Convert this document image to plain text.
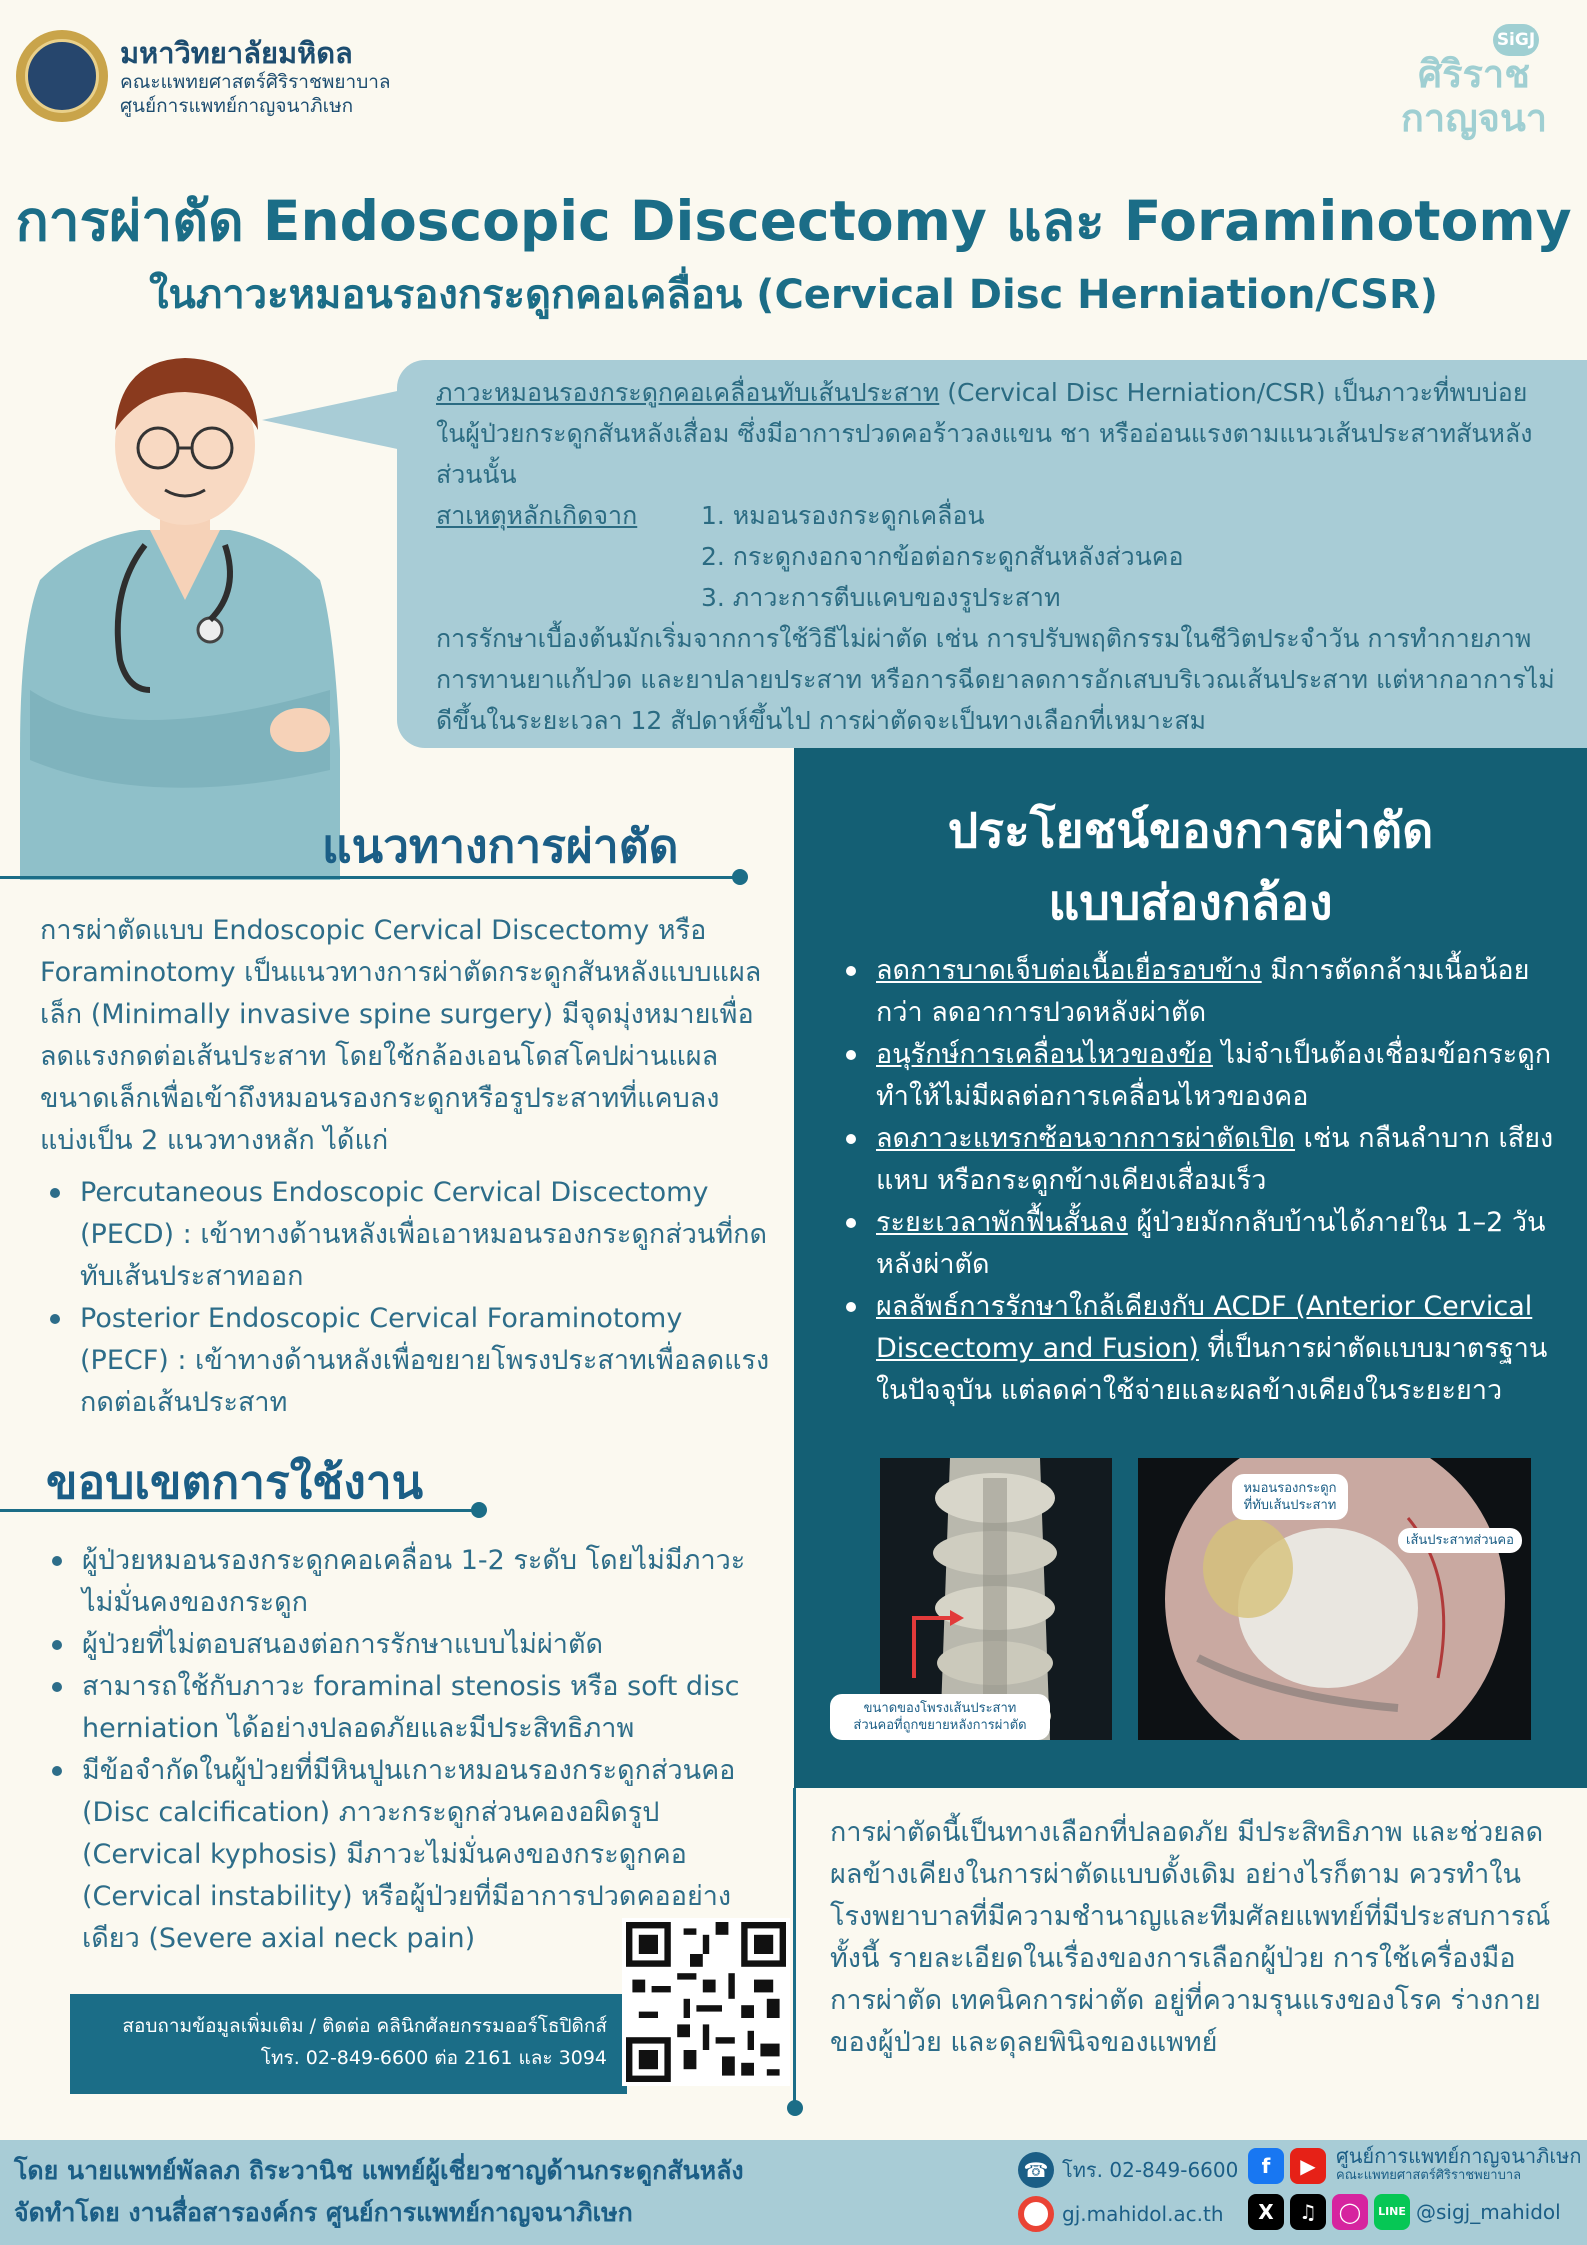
มหาวิทยาลัยมหิดล
คณะแพทยศาสตร์ศิริราชพยาบาล
ศูนย์การแพทย์กาญจนาภิเษก
SiGJ
ศิริราช
กาญจนา
การผ่าตัด Endoscopic Discectomy และ Foraminotomy
ในภาวะหมอนรองกระดูกคอเคลื่อน (Cervical Disc Herniation/CSR)
ภาวะหมอนรองกระดูกคอเคลื่อนทับเส้นประสาท (Cervical Disc Herniation/CSR) เป็นภาวะที่พบบ่อยในผู้ป่วยกระดูกสันหลังเสื่อม ซึ่งมีอาการปวดคอร้าวลงแขน ชา หรืออ่อนแรงตามแนวเส้นประสาทสันหลังส่วนนั้น
สาเหตุหลักเกิดจาก	1. หมอนรองกระดูกเคลื่อน
2. กระดูกงอกจากข้อต่อกระดูกสันหลังส่วนคอ
3. ภาวะการตีบแคบของรูประสาท
การรักษาเบื้องต้นมักเริ่มจากการใช้วิธีไม่ผ่าตัด เช่น การปรับพฤติกรรมในชีวิตประจำวัน การทำกายภาพ การทานยาแก้ปวด และยาปลายประสาท หรือการฉีดยาลดการอักเสบบริเวณเส้นประสาท แต่หากอาการไม่ดีขึ้นในระยะเวลา 12 สัปดาห์ขึ้นไป การผ่าตัดจะเป็นทางเลือกที่เหมาะสม
แนวทางการผ่าตัด
การผ่าตัดแบบ Endoscopic Cervical Discectomy หรือ Foraminotomy เป็นแนวทางการผ่าตัดกระดูกสันหลังแบบแผลเล็ก (Minimally invasive spine surgery) มีจุดมุ่งหมายเพื่อลดแรงกดต่อเส้นประสาท โดยใช้กล้องเอนโดสโคปผ่านแผลขนาดเล็กเพื่อเข้าถึงหมอนรองกระดูกหรือรูประสาทที่แคบลง แบ่งเป็น 2 แนวทางหลัก ได้แก่
Percutaneous Endoscopic Cervical Discectomy (PECD) : เข้าทางด้านหลังเพื่อเอาหมอนรองกระดูกส่วนที่กดทับเส้นประสาทออก
Posterior Endoscopic Cervical Foraminotomy (PECF) : เข้าทางด้านหลังเพื่อขยายโพรงประสาทเพื่อลดแรงกดต่อเส้นประสาท
ขอบเขตการใช้งาน
ผู้ป่วยหมอนรองกระดูกคอเคลื่อน 1-2 ระดับ โดยไม่มีภาวะไม่มั่นคงของกระดูก
ผู้ป่วยที่ไม่ตอบสนองต่อการรักษาแบบไม่ผ่าตัด
สามารถใช้กับภาวะ foraminal stenosis หรือ soft disc herniation ได้อย่างปลอดภัยและมีประสิทธิภาพ
มีข้อจำกัดในผู้ป่วยที่มีหินปูนเกาะหมอนรองกระดูกส่วนคอ (Disc calcification) ภาวะกระดูกส่วนคองอผิดรูป (Cervical kyphosis) มีภาวะไม่มั่นคงของกระดูกคอ (Cervical instability) หรือผู้ป่วยที่มีอาการปวดคออย่างเดียว (Severe axial neck pain)
ประโยชน์ของการผ่าตัด
แบบส่องกล้อง
ลดการบาดเจ็บต่อเนื้อเยื่อรอบข้าง มีการตัดกล้ามเนื้อน้อยกว่า ลดอาการปวดหลังผ่าตัด
อนุรักษ์การเคลื่อนไหวของข้อ ไม่จำเป็นต้องเชื่อมข้อกระดูก ทำให้ไม่มีผลต่อการเคลื่อนไหวของคอ
ลดภาวะแทรกซ้อนจากการผ่าตัดเปิด เช่น กลืนลำบาก เสียงแหบ หรือกระดูกข้างเคียงเสื่อมเร็ว
ระยะเวลาพักฟื้นสั้นลง ผู้ป่วยมักกลับบ้านได้ภายใน 1–2 วันหลังผ่าตัด
ผลลัพธ์การรักษาใกล้เคียงกับ ACDF (Anterior Cervical Discectomy and Fusion) ที่เป็นการผ่าตัดแบบมาตรฐานในปัจจุบัน แต่ลดค่าใช้จ่ายและผลข้างเคียงในระยะยาว
ขนาดของโพรงเส้นประสาท
ส่วนคอที่ถูกขยายหลังการผ่าตัด
หมอนรองกระดูก
ที่ทับเส้นประสาท
เส้นประสาทส่วนคอ
การผ่าตัดนี้เป็นทางเลือกที่ปลอดภัย มีประสิทธิภาพ และช่วยลดผลข้างเคียงในการผ่าตัดแบบดั้งเดิม อย่างไรก็ตาม ควรทำในโรงพยาบาลที่มีความชำนาญและทีมศัลยแพทย์ที่มีประสบการณ์ ทั้งนี้ รายละเอียดในเรื่องของการเลือกผู้ป่วย การใช้เครื่องมือการผ่าตัด เทคนิคการผ่าตัด อยู่ที่ความรุนแรงของโรค ร่างกายของผู้ป่วย และดุลยพินิจของแพทย์
สอบถามข้อมูลเพิ่มเติม / ติดต่อ คลินิกศัลยกรรมออร์โธปิดิกส์
โทร. 02-849-6600 ต่อ 2161 และ 3094
โดย นายแพทย์พัลลภ ถิระวานิช แพทย์ผู้เชี่ยวชาญด้านกระดูกสันหลัง
จัดทำโดย งานสื่อสารองค์กร ศูนย์การแพทย์กาญจนาภิเษก
☎ โทร. 02-849-6600
gj.mahidol.ac.th
f	▶	ศูนย์การแพทย์กาญจนาภิเษก
คณะแพทยศาสตร์ศิริราชพยาบาล
X	♫	◯	LINE @sigj_mahidol
